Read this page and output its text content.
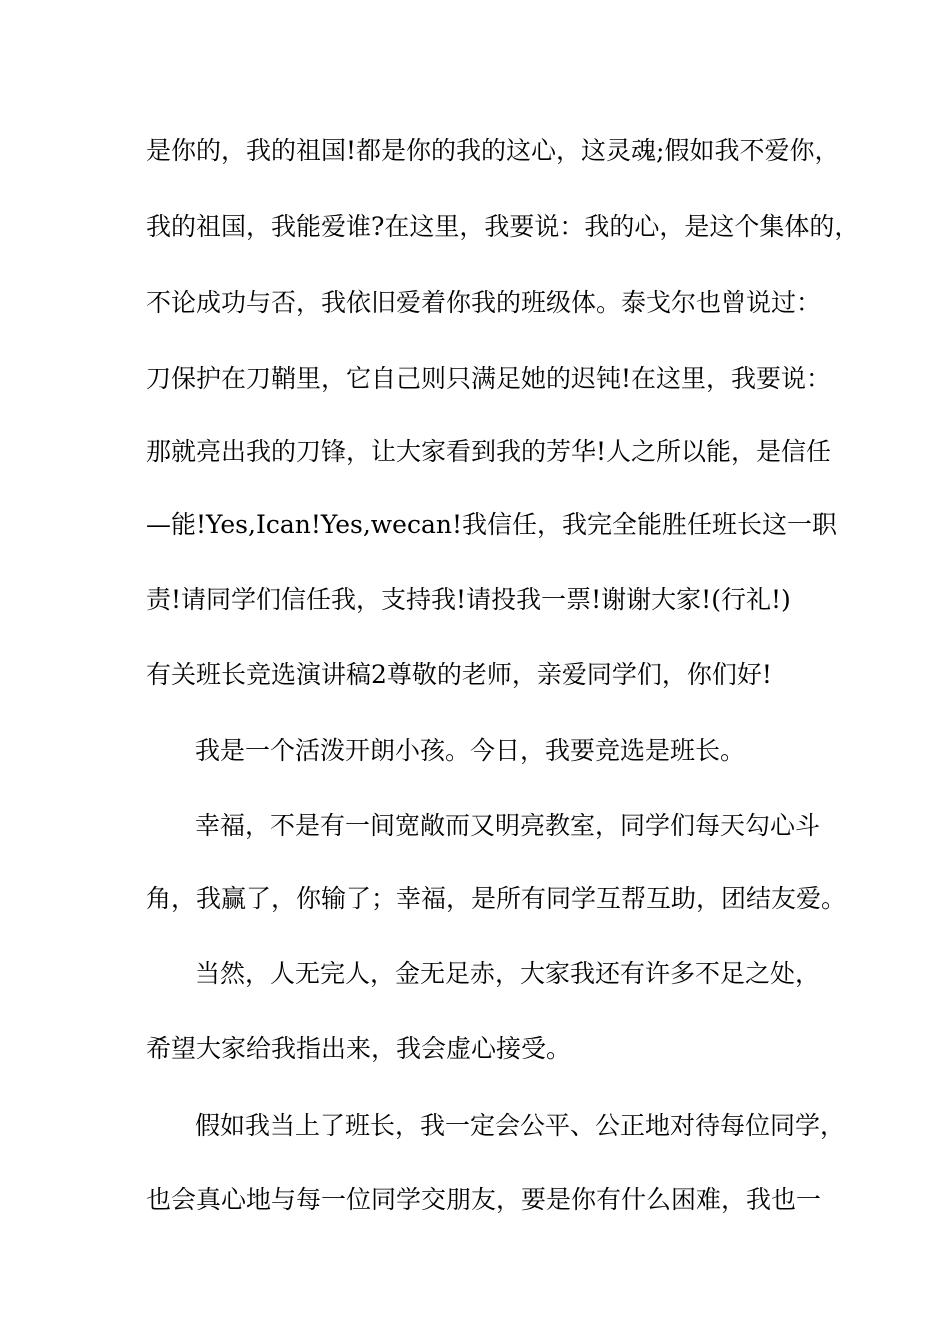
是你的，我的祖国!都是你的我的这心，这灵魂;假如我不爱你，
我的祖国，我能爱谁?在这里，我要说：我的心，是这个集体的，
不论成功与否，我依旧爱着你我的班级体。泰戈尔也曾说过：
刀保护在刀鞘里，它自己则只满足她的迟钝!在这里，我要说：
那就亮出我的刀锋，让大家看到我的芳华!人之所以能，是信任
—能!Yes,Ican!Yes,wecan!我信任，我完全能胜任班长这一职
责!请同学们信任我，支持我!请投我一票!谢谢大家!(行礼!)
有关班长竞选演讲稿2尊敬的老师，亲爱同学们，你们好!
我是一个活泼开朗小孩。今日，我要竞选是班长。
幸福，不是有一间宽敞而又明亮教室，同学们每天勾心斗
角，我赢了，你输了；幸福，是所有同学互帮互助，团结友爱。
当然，人无完人，金无足赤，大家我还有许多不足之处，
希望大家给我指出来，我会虚心接受。
假如我当上了班长，我一定会公平、公正地对待每位同学，
也会真心地与每一位同学交朋友，要是你有什么困难，我也一
